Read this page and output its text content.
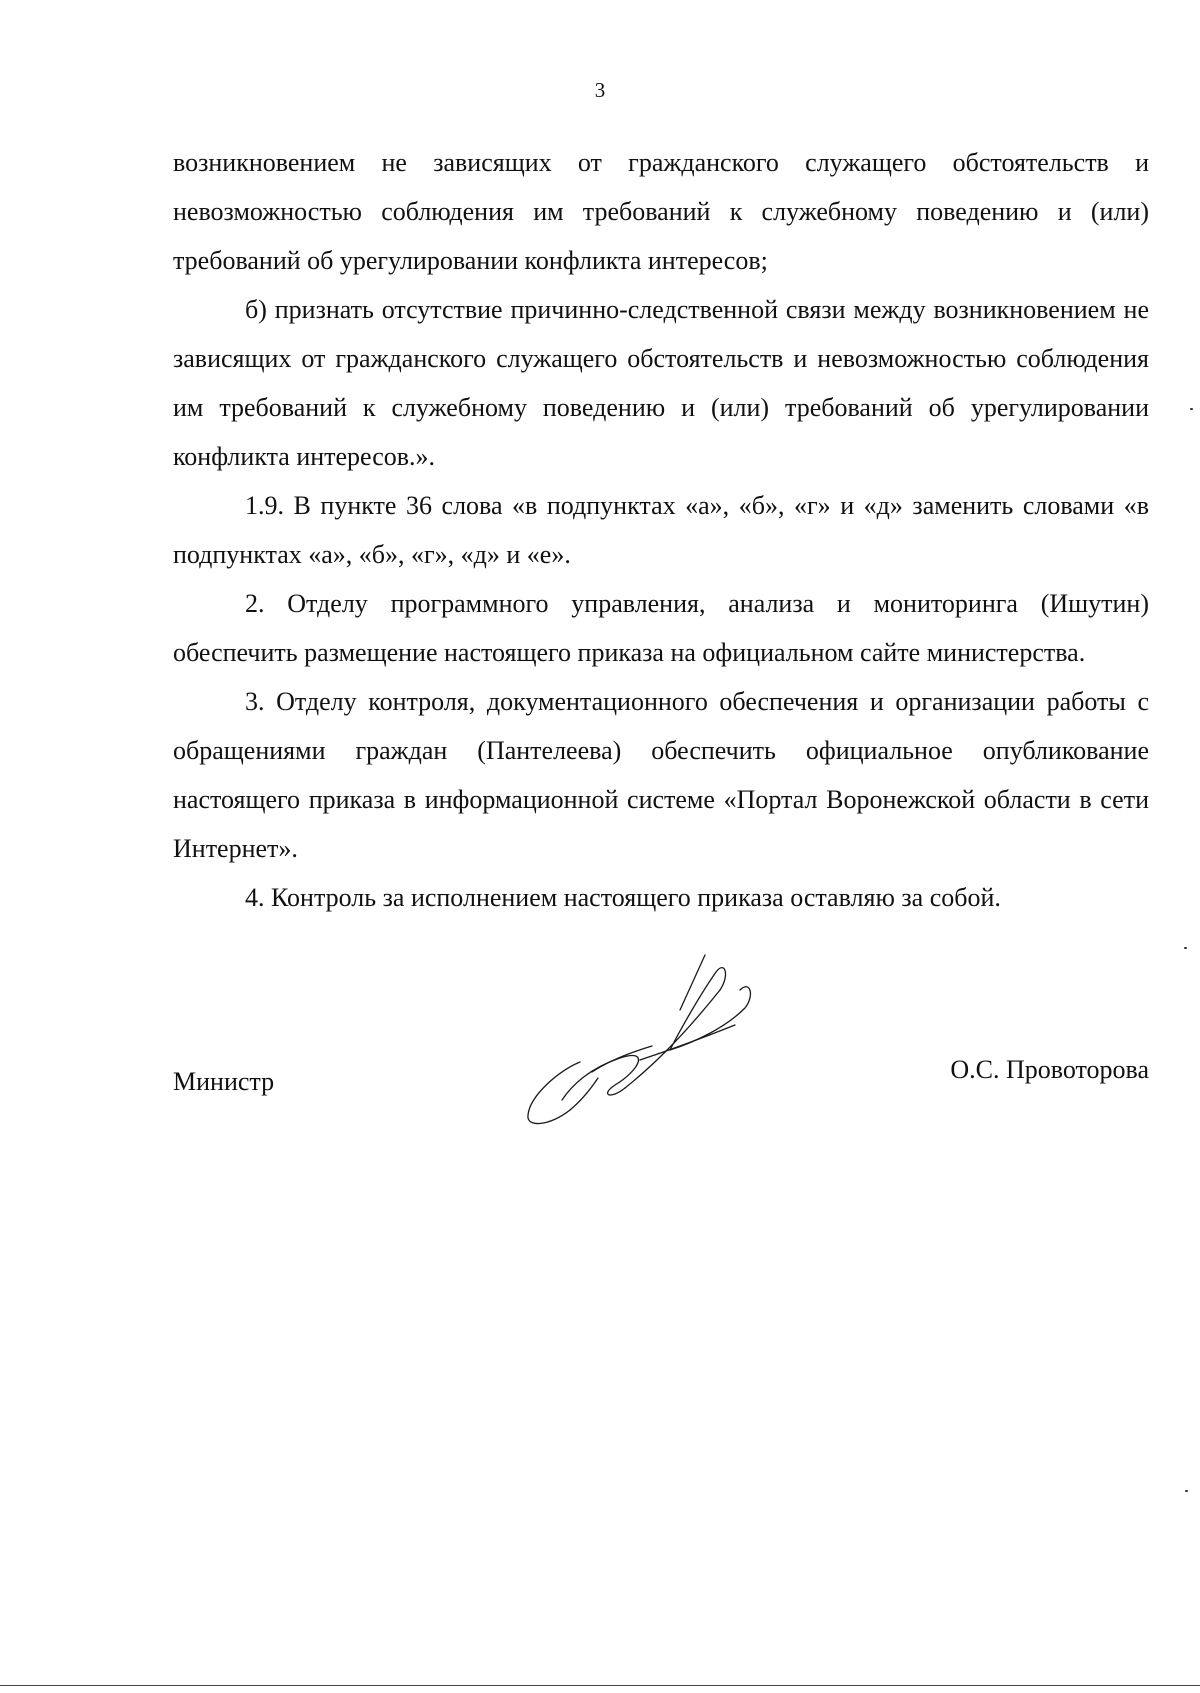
3

возникновением не зависящих от гражданского служащего обстоятельств и невозможностью соблюдения им требований к служебному поведению и (или) требований об урегулировании конфликта интересов;

б) признать отсутствие причинно-следственной связи между возникновением не зависящих от гражданского служащего обстоятельств и невозможностью соблюдения им требований к служебному поведению и (или) требований об урегулировании конфликта интересов.».

1.9. В пункте 36 слова «в подпунктах «а», «б», «г» и «д» заменить словами «в подпунктах «а», «б», «г», «д» и «е».

2. Отделу программного управления, анализа и мониторинга (Ишутин) обеспечить размещение настоящего приказа на официальном сайте министерства.

3. Отделу контроля, документационного обеспечения и организации работы с обращениями граждан (Пантелеева) обеспечить официальное опубликование настоящего приказа в информационной системе «Портал Воронежской области в сети Интернет».

4. Контроль за исполнением настоящего приказа оставляю за собой.

Министр	О.С. Провоторова
